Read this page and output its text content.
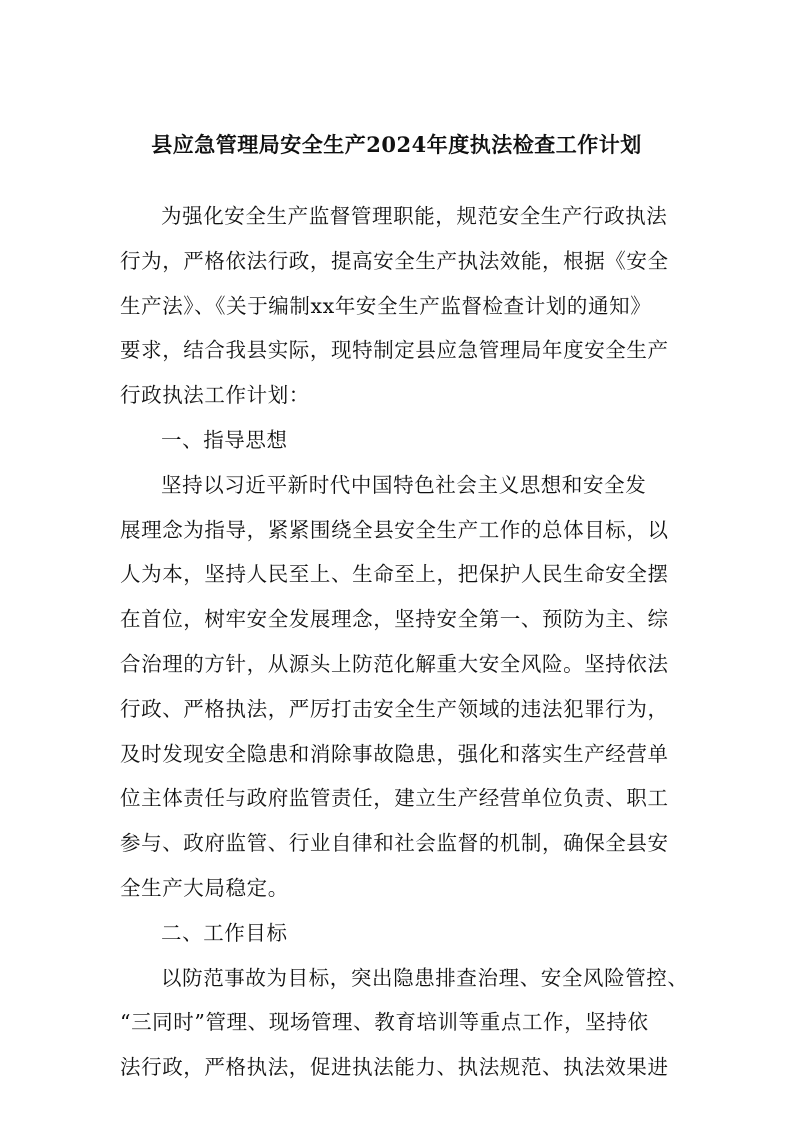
县应急管理局安全生产2024年度执法检查工作计划
为强化安全生产监督管理职能，规范安全生产行政执法
行为，严格依法行政，提高安全生产执法效能，根据《安全
生产法》、《关于编制xx年安全生产监督检查计划的通知》
要求，结合我县实际，现特制定县应急管理局年度安全生产
行政执法工作计划：
一、指导思想
坚持以习近平新时代中国特色社会主义思想和安全发
展理念为指导，紧紧围绕全县安全生产工作的总体目标，以
人为本，坚持人民至上、生命至上，把保护人民生命安全摆
在首位，树牢安全发展理念，坚持安全第一、预防为主、综
合治理的方针，从源头上防范化解重大安全风险。坚持依法
行政、严格执法，严厉打击安全生产领域的违法犯罪行为，
及时发现安全隐患和消除事故隐患，强化和落实生产经营单
位主体责任与政府监管责任，建立生产经营单位负责、职工
参与、政府监管、行业自律和社会监督的机制，确保全县安
全生产大局稳定。
二、工作目标
以防范事故为目标，突出隐患排查治理、安全风险管控、
“三同时”管理、现场管理、教育培训等重点工作，坚持依
法行政，严格执法，促进执法能力、执法规范、执法效果进
